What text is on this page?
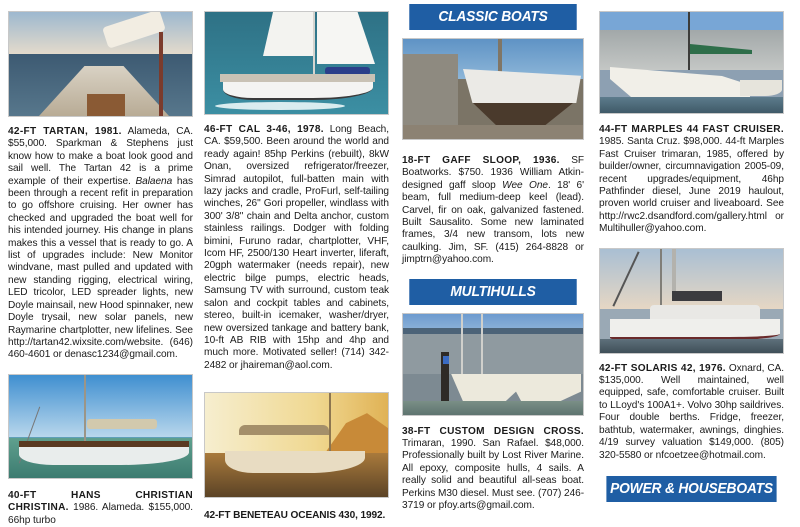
42-FT TARTAN, 1981. Alameda, CA. $55,000. Sparkman & Stephens just know how to make a boat look good and sail well. The Tartan 42 is a prime example of their expertise. Balaena has been through a recent refit in preparation to go offshore cruising. Her owner has checked and upgraded the boat well for his intended journey. His change in plans makes this a vessel that is ready to go. A list of upgrades include: New Monitor windvane, mast pulled and updated with new standing rigging, electrical wiring, LED tricolor, LED spreader lights, new Doyle mainsail, new Hood spinnaker, new Doyle trysail, new solar panels, new Raymarine chartplotter, new lifelines. See http://tartan42.wixsite.com/website. (646) 460-4601 or denasc1234@gmail.com.
40-FT HANS CHRISTIAN CHRISTINA. 1986. Alameda. $155,000. 66hp turbo
46-FT CAL 3-46, 1978. Long Beach, CA. $59,500. Been around the world and ready again! 85hp Perkins (rebuilt), 8kW Onan, oversized refrigerator/freezer, Simrad autopilot, full-batten main with lazy jacks and cradle, ProFurl, self-tailing winches, 26" Gori propeller, windlass with 300' 3/8" chain and Delta anchor, custom stainless railings. Dodger with folding bimini, Furuno radar, chartplotter, VHF, Icom HF, 2500/130 Heart inverter, liferaft, 20gph watermaker (needs repair), new electric bilge pumps, electric heads, Samsung TV with surround, custom teak salon and cockpit tables and cabinets, stereo, built-in icemaker, washer/dryer, new oversized tankage and battery bank, 10-ft AB RIB with 15hp and 4hp and much more. Motivated seller! (714) 342-2482 or jhaireman@aol.com.
42-FT BENETEAU OCEANIS 430, 1992.
CLASSIC BOATS
18-FT GAFF SLOOP, 1936. SF Boatworks. $750. 1936 William Atkin-designed gaff sloop Wee One. 18' 6' beam, full medium-deep keel (lead). Carvel, fir on oak, galvanized fastened. Built Sausalito. Some new laminated frames, 3/4 new transom, lots new caulking. Jim, SF. (415) 264-8828 or jimptrn@yahoo.com.
MULTIHULLS
38-FT CUSTOM DESIGN CROSS. Trimaran, 1990. San Rafael. $48,000. Professionally built by Lost River Marine. All epoxy, composite hulls, 4 sails. A really solid and beautiful all-seas boat. Perkins M30 diesel. Must see. (707) 246-3719 or pfoy.arts@gmail.com.
44-FT MARPLES 44 FAST CRUISER. 1985. Santa Cruz. $98,000. 44-ft Marples Fast Cruiser trimaran, 1985, offered by builder/owner, circumnavigation 2005-09, recent upgrades/equipment, 46hp Pathfinder diesel, June 2019 haulout, proven world cruiser and liveaboard. See http://rwc2.dsandford.com/gallery.html or Multihuller@yahoo.com.
42-FT SOLARIS 42, 1976. Oxnard, CA. $135,000. Well maintained, well equipped, safe, comfortable cruiser. Built to LLoyd's 100A1+. Volvo 30hp saildrives. Four double berths. Fridge, freezer, bathtub, watermaker, awnings, dinghies. 4/19 survey valuation $149,000. (805) 320-5580 or nfcoetzee@hotmail.com.
POWER & HOUSEBOATS
